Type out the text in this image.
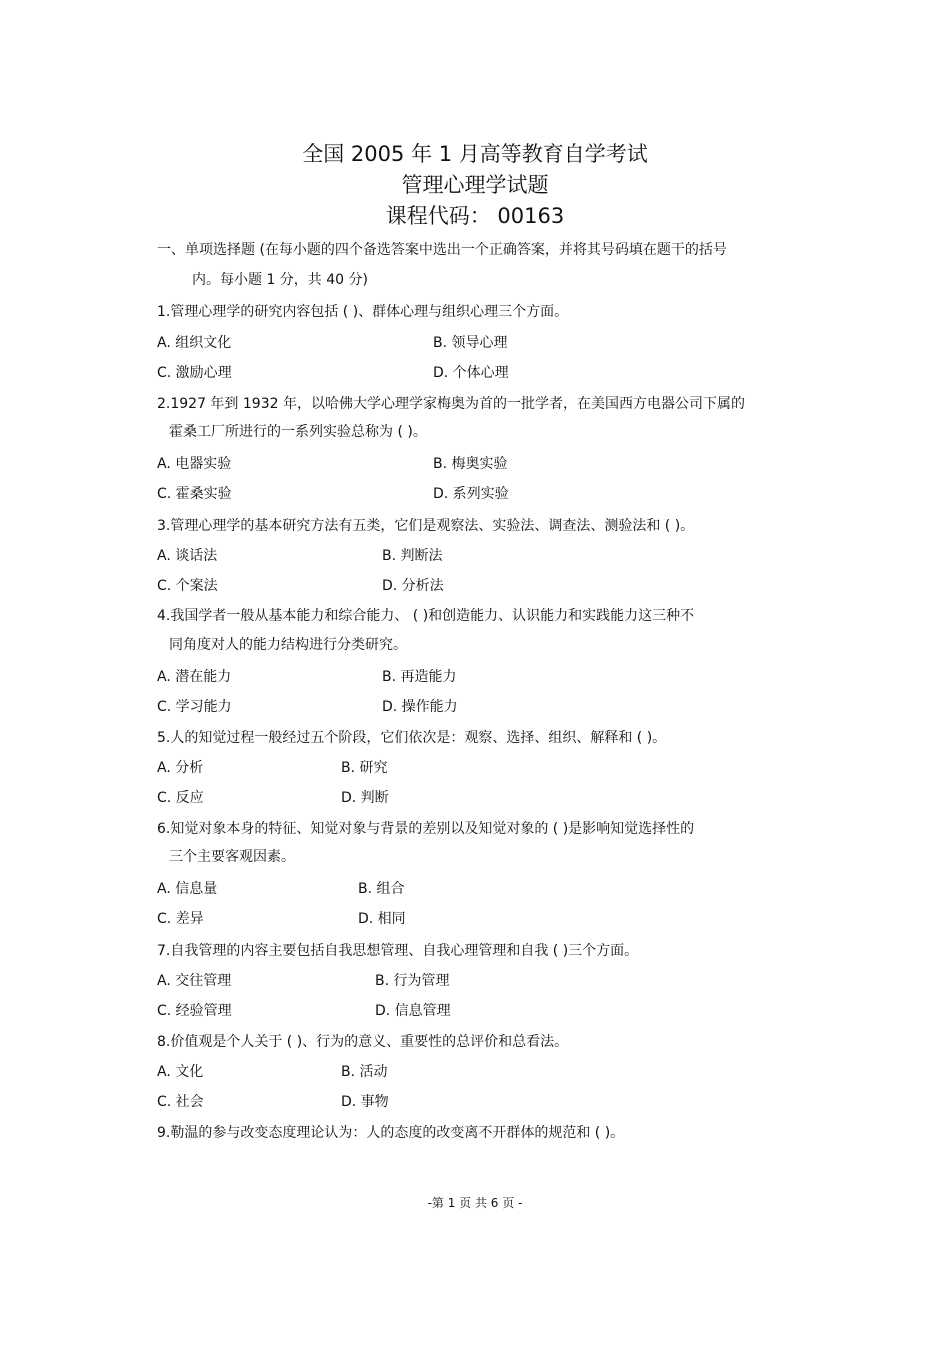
全国 2005 年 1 月高等教育自学考试
管理心理学试题
课程代码： 00163
一、单项选择题 (在每小题的四个备选答案中选出一个正确答案，并将其号码填在题干的括号
内。每小题 1 分，共 40 分)
1.管理心理学的研究内容包括 ( )、群体心理与组织心理三个方面。
A. 组织文化	B. 领导心理
C. 激励心理	D. 个体心理
2.1927 年到 1932 年，以哈佛大学心理学家梅奥为首的一批学者，在美国西方电器公司下属的
霍桑工厂所进行的一系列实验总称为 ( )。
A. 电器实验	B. 梅奥实验
C. 霍桑实验	D. 系列实验
3.管理心理学的基本研究方法有五类，它们是观察法、实验法、调查法、测验法和 ( )。
A. 谈话法	B. 判断法
C. 个案法	D. 分析法
4.我国学者一般从基本能力和综合能力、 ( )和创造能力、认识能力和实践能力这三种不
同角度对人的能力结构进行分类研究。
A. 潜在能力	B. 再造能力
C. 学习能力	D. 操作能力
5.人的知觉过程一般经过五个阶段，它们依次是：观察、选择、组织、解释和 ( )。
A. 分析	B. 研究
C. 反应	D. 判断
6.知觉对象本身的特征、知觉对象与背景的差别以及知觉对象的 ( )是影响知觉选择性的
三个主要客观因素。
A. 信息量	B. 组合
C. 差异	D. 相同
7.自我管理的内容主要包括自我思想管理、自我心理管理和自我 ( )三个方面。
A. 交往管理	B. 行为管理
C. 经验管理	D. 信息管理
8.价值观是个人关于 ( )、行为的意义、重要性的总评价和总看法。
A. 文化	B. 活动
C. 社会	D. 事物
9.勒温的参与改变态度理论认为：人的态度的改变离不开群体的规范和 ( )。
-第 1 页 共 6 页 -
